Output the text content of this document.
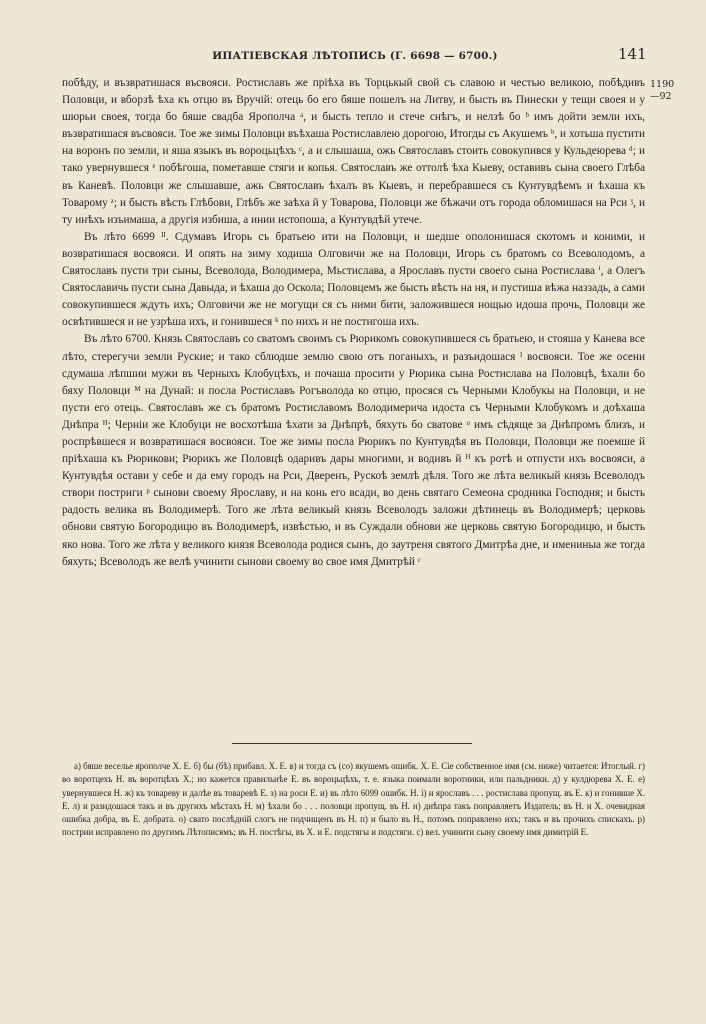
ИПАТІЕВСКАЯ ЛѢТОПИСЬ (Г. 6698 — 6700.)	141
1190
—92

побѣду, и възвратишася въсвояси. Ростиславъ же пріѣха въ Торцькый свой съ славою и честью великою, побѣдивъ Половци, и вборзѣ ѣха къ отцю въ Вручій: отець бо его бяше пошелъ на Литву, и бысть въ Пинески у тещи своея и у шюрьи своея, тогда бо бяше свадба Ярополча ᵃ, и бысть тепло и стече снѣгъ, и нелзѣ бо ᵇ имъ дойти земли ихъ, възвратишася въсвояси. Тое же зимы Половци въѣхаша Ростиславлею дорогою, Итогды съ Акушемъ ᵇ, и хотьша пустити на воронъ по земли, и яша языкъ въ вороцьцѣхъ ᶜ, а и слышаша, ожь Святославъ стоить совокупився у Кульдеюрева ᵈ; и тако увернувшеся ᵉ побѣгоша, пометавше стяги и копья. Святославъ же оттолѣ ѣха Кыеву, оставивъ сына своего Глѣба въ Каневѣ. Половци же слышавше, ажь Святославъ ѣхалъ въ Кыевъ, и перебравшеся съ Кунтувдѣемъ и ѣхаша къ Товарому ᶻ; и бысть вѣсть Глѣбови, Глѣбъ же заѣха й у Товарова, Половци же бѣжачи отъ города обломишася на Рси ᶾ, и ту инѣхъ изъимаша, а другія избиша, а инии истопоша, а Кунтувдѣй утече.

Въ лѣто 6699 ᴵᴵ. Сдумавъ Игорь съ братьею ити на Половци, и шедше ополонишася скотомъ и коними, и возвратишася восвояси. И опять на зиму ходиша Олговичи же на Половци, Игорь съ братомъ со Всеволодомъ, а Святославъ пусти три сыны, Всеволода, Володимера, Мьстислава, а Ярославъ пусти своего сына Ростислава ⁱ, а Олегъ Святославичь пусти сына Давыда, и ѣхаша до Оскола; Половцемъ же бысть вѣсть на ня, и пустиша вѣжа наззадь, а сами совокупившеся ждуть ихъ; Олговичи же не могущи ся съ ними бити, заложившеся нощью идоша прочь, Половци же освѣтившеся и не узрѣша ихъ, и гонившеся ᵏ по нихъ и не постигоша ихъ.

Въ лѣто 6700. Князь Святославъ со сватомъ своимъ съ Рюрикомъ совокупившеся съ братьею, и стояша у Канева все лѣто, стерегучи земли Руские; и тако сблюдше землю свою отъ поганыхъ, и разъидошася ᴵ восвояси. Тое же осени сдумаша лѣпшии мужи въ Черныхъ Клобуцѣхъ, и почаша просити у Рюрика сына Ростислава на Половцѣ, ѣхали бо бяху Половци ᴹ на Дунай: и посла Ростиславъ Рогъволода ко отцю, просяся съ Черными Клобукы на Половци, и не пусти его отець. Святославъ же съ братомъ Ростиславомъ Володимерича идоста съ Черными Клобукомъ и доѣхаша Днѣпра ᴴ; Черніи же Клобуци не восхотѣша ѣхати за Днѣпрѣ, бяхуть бо сватове ᵒ имъ сѣдяще за Днѣпромъ близъ, и роспрѣвшеся и возвратишася восвояси. Тое же зимы посла Рюрикъ по Кунтувдѣя въ Половци, Половци же поемше й пріѣхаша къ Рюрикови; Рюрикъ же Половцѣ одаривъ дары многими, и водивъ й ᴴ къ ротѣ и отпусти ихъ восвояси, а Кунтувдѣя остави у себе и да ему городъ на Рси, Дверенъ, Рускоѣ землѣ дѣля. Того же лѣта великый князь Всеволодъ створи постриги ᵖ сынови своему Ярославу, и на конь его всади, во день святаго Семеона сродника Господня; и бысть радость велика въ Володимерѣ. Того же лѣта великый князь Всеволодъ заложи дѣтинець въ Володимерѣ; церковь обнови святую Богородицю въ Володимерѣ, извѣстью, и въ Суждали обнови же церковь святую Богородицю, и бысть яко нова. Того же лѣта у великого князя Всеволода родися сынъ, до заутреня святого Дмитрѣа дне, и имениныа же тогда бяхуть; Всеволодъ же велѣ учинити сынови своему во свое имя Дмитрѣй ᶜ

а) бяше веселье ярополче Х. Е. б) бы (бѣ) прибавл. Х. Е. в) и тогда съ (со) якушемъ ошибк. Х. Е. Сіе собственное имя (см. ниже) читается: Итоглый. г) во воротцехъ Н. въ воротцѣхъ Х.; но кажется правильнѣе Е. въ вороцьцѣхъ, т. е. языка поимали воротники, или пальдники. д) у кулдюрева Х. Е. е) увернувшеся Н. ж) къ товареву и далѣе въ товаревѣ Е. з) на роси Е. и) въ лѣто 6099 ошибк. Н. і) и ярославъ . . . ростислава пропущ. въ Е. к) и гонивше Х. Е. л) и разидошася такъ и въ другихъ мѣстахъ Н. м) ѣхали бо . . . половци пропущ. въ Н. н) днѣпра такъ поправляетъ Издатель; въ Н. и Х. очевидная ошибка добра, въ Е. добрата. о) свато послѣдній слогъ не подчищенъ въ Н. п) и было въ Н., потомъ поправлено ихъ; такъ и въ прочихъ спискахъ. р) пострии исправлено по другимъ Лѣтописямъ; въ Н. постѣгы, въ Х. и Е. подстягы и подстяги. с) вел. учинити сыну своему имя димитрій Е.
